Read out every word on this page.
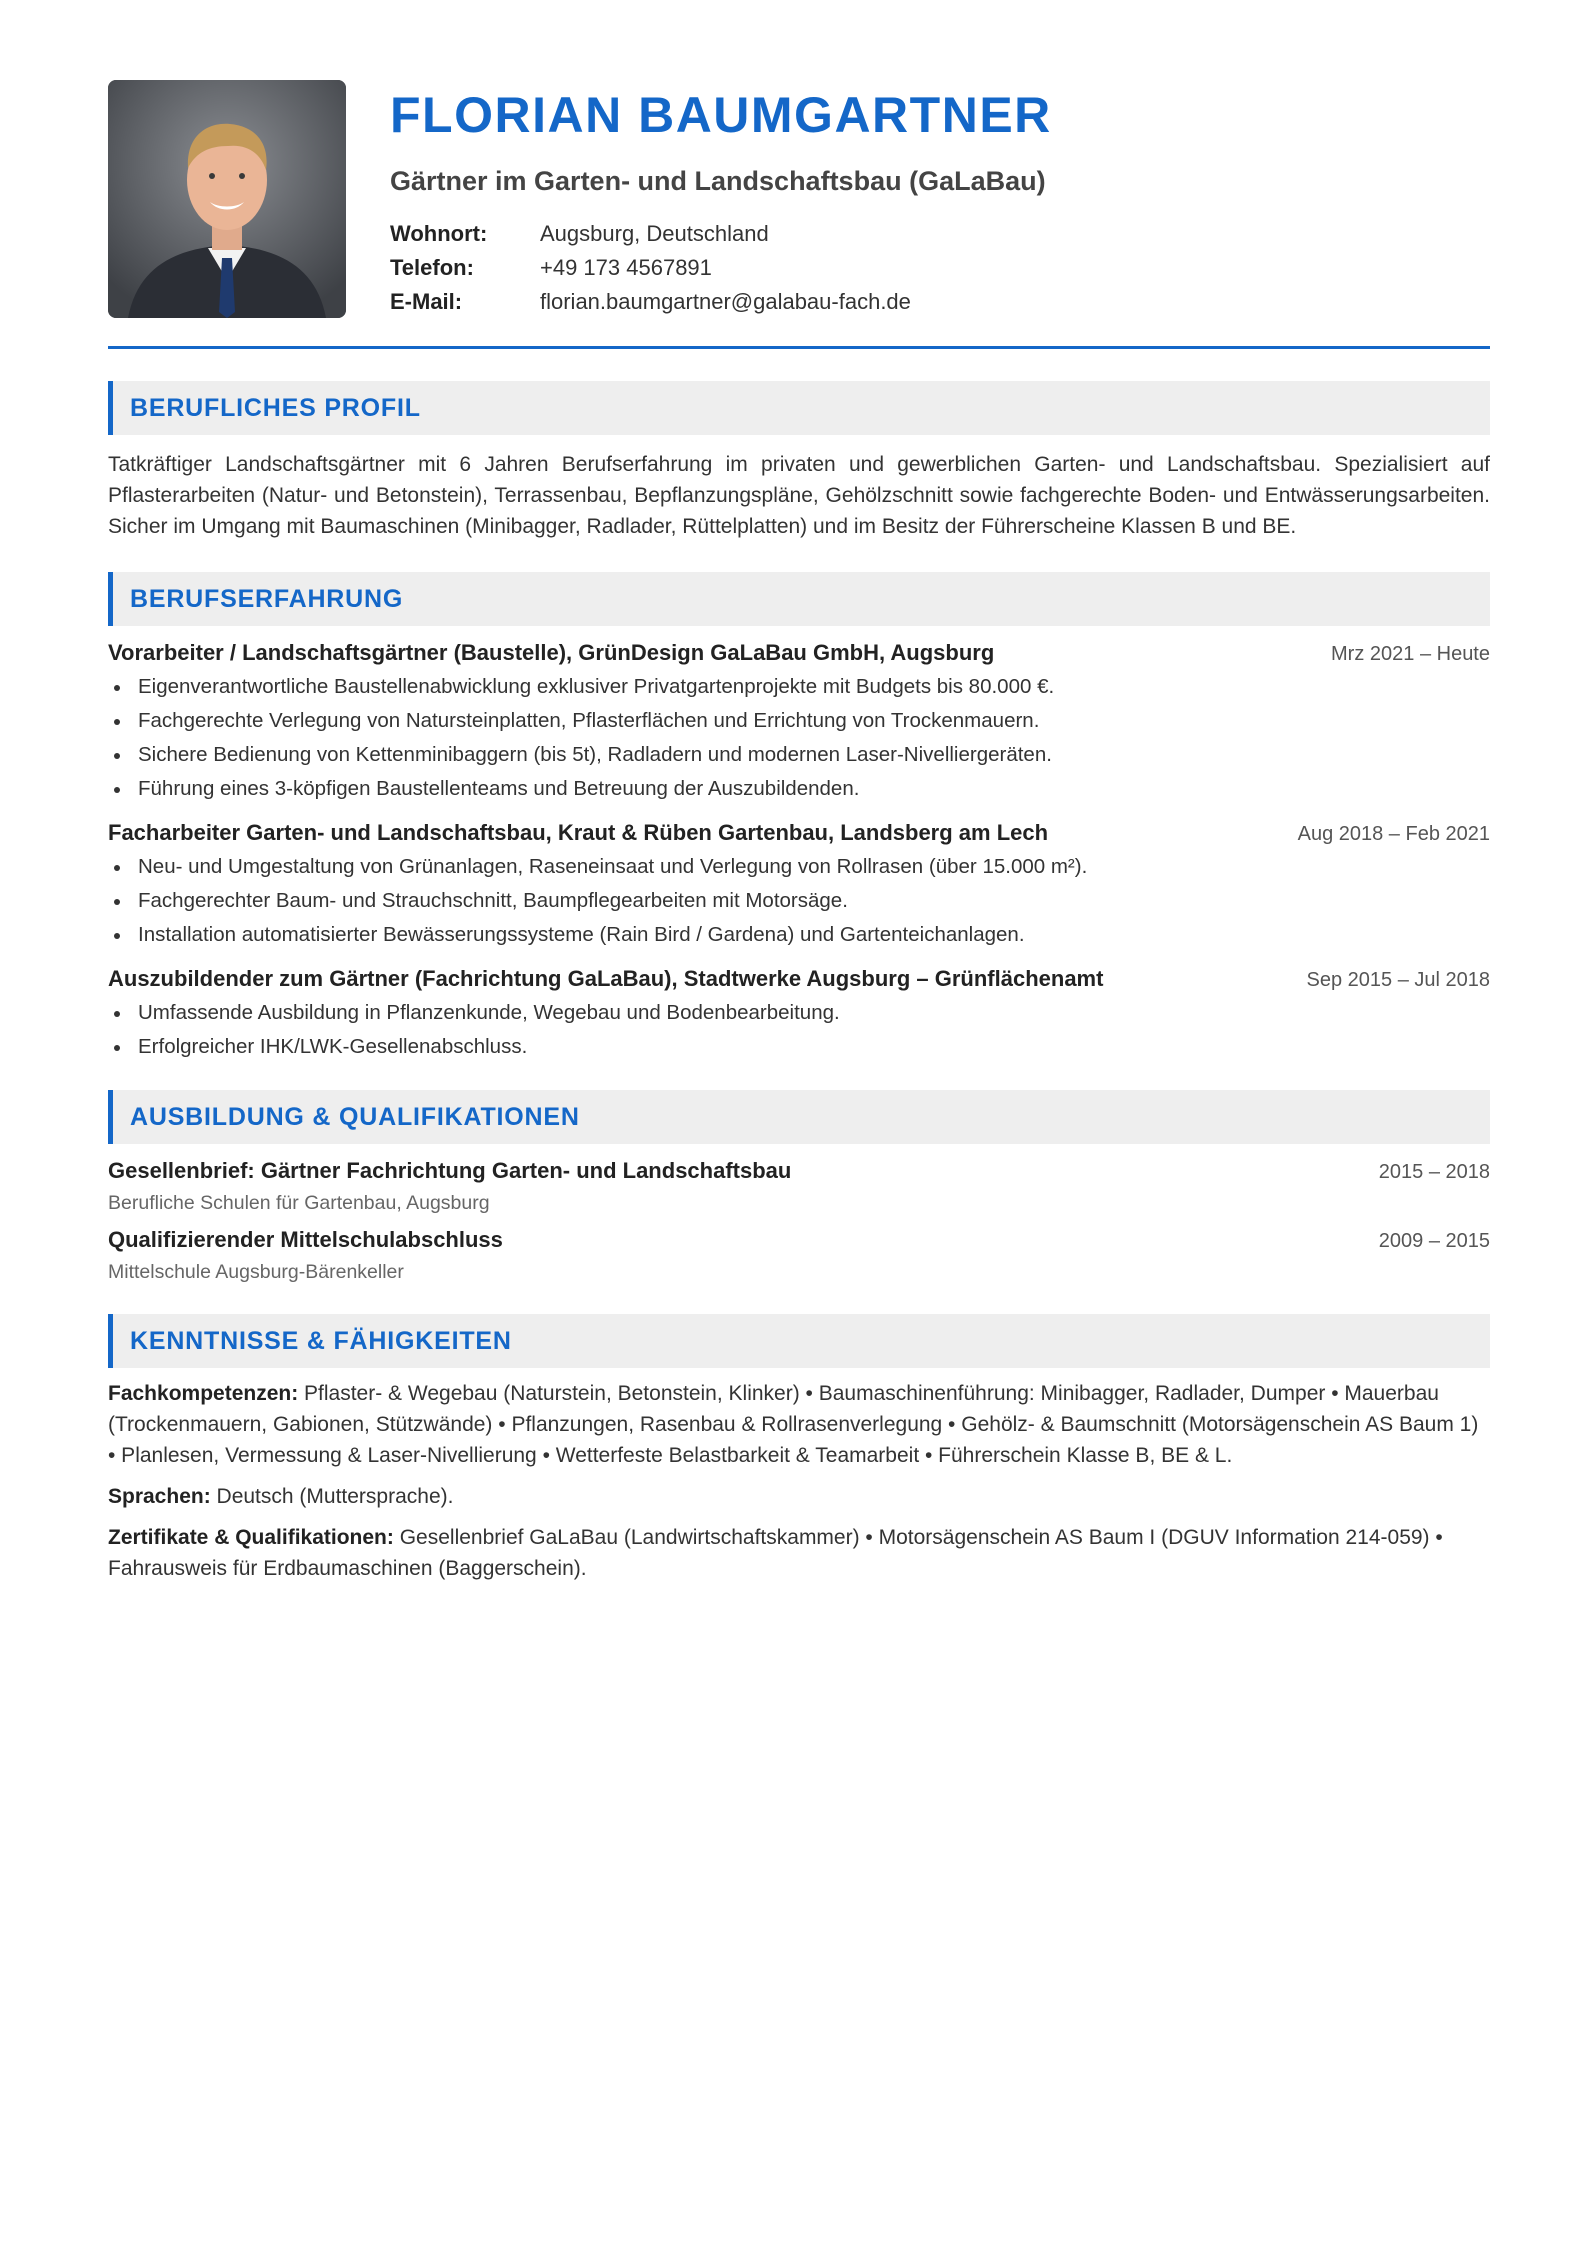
FLORIAN BAUMGARTNER
Gärtner im Garten- und Landschaftsbau (GaLaBau)
Wohnort:	Augsburg, Deutschland
Telefon:	+49 173 4567891
E-Mail:	florian.baumgartner@galabau-fach.de
BERUFLICHES PROFIL
Tatkräftiger Landschaftsgärtner mit 6 Jahren Berufserfahrung im privaten und gewerblichen Garten- und Landschaftsbau. Spezialisiert auf Pflasterarbeiten (Natur- und Betonstein), Terrassenbau, Bepflanzungspläne, Gehölzschnitt sowie fachgerechte Boden- und Entwässerungsarbeiten. Sicher im Umgang mit Baumaschinen (Minibagger, Radlader, Rüttelplatten) und im Besitz der Führerscheine Klassen B und BE.
BERUFSERFAHRUNG
Vorarbeiter / Landschaftsgärtner (Baustelle), GrünDesign GaLaBau GmbH, Augsburg	Mrz 2021 – Heute
Eigenverantwortliche Baustellenabwicklung exklusiver Privatgartenprojekte mit Budgets bis 80.000 €.
Fachgerechte Verlegung von Natursteinplatten, Pflasterflächen und Errichtung von Trockenmauern.
Sichere Bedienung von Kettenminibaggern (bis 5t), Radladern und modernen Laser-Nivelliergeräten.
Führung eines 3-köpfigen Baustellenteams und Betreuung der Auszubildenden.
Facharbeiter Garten- und Landschaftsbau, Kraut & Rüben Gartenbau, Landsberg am Lech	Aug 2018 – Feb 2021
Neu- und Umgestaltung von Grünanlagen, Raseneinsaat und Verlegung von Rollrasen (über 15.000 m²).
Fachgerechter Baum- und Strauchschnitt, Baumpflegearbeiten mit Motorsäge.
Installation automatisierter Bewässerungssysteme (Rain Bird / Gardena) und Gartenteichanlagen.
Auszubildender zum Gärtner (Fachrichtung GaLaBau), Stadtwerke Augsburg – Grünflächenamt	Sep 2015 – Jul 2018
Umfassende Ausbildung in Pflanzenkunde, Wegebau und Bodenbearbeitung.
Erfolgreicher IHK/LWK-Gesellenabschluss.
AUSBILDUNG & QUALIFIKATIONEN
Gesellenbrief: Gärtner Fachrichtung Garten- und Landschaftsbau	2015 – 2018
Berufliche Schulen für Gartenbau, Augsburg
Qualifizierender Mittelschulabschluss	2009 – 2015
Mittelschule Augsburg-Bärenkeller
KENNTNISSE & FÄHIGKEITEN
Fachkompetenzen: Pflaster- & Wegebau (Naturstein, Betonstein, Klinker) • Baumaschinenführung: Minibagger, Radlader, Dumper • Mauerbau (Trockenmauern, Gabionen, Stützwände) • Pflanzungen, Rasenbau & Rollrasenverlegung • Gehölz- & Baumschnitt (Motorsägenschein AS Baum 1) • Planlesen, Vermessung & Laser-Nivellierung • Wetterfeste Belastbarkeit & Teamarbeit • Führerschein Klasse B, BE & L.
Sprachen: Deutsch (Muttersprache).
Zertifikate & Qualifikationen: Gesellenbrief GaLaBau (Landwirtschaftskammer) • Motorsägenschein AS Baum I (DGUV Information 214-059) • Fahrausweis für Erdbaumaschinen (Baggerschein).
